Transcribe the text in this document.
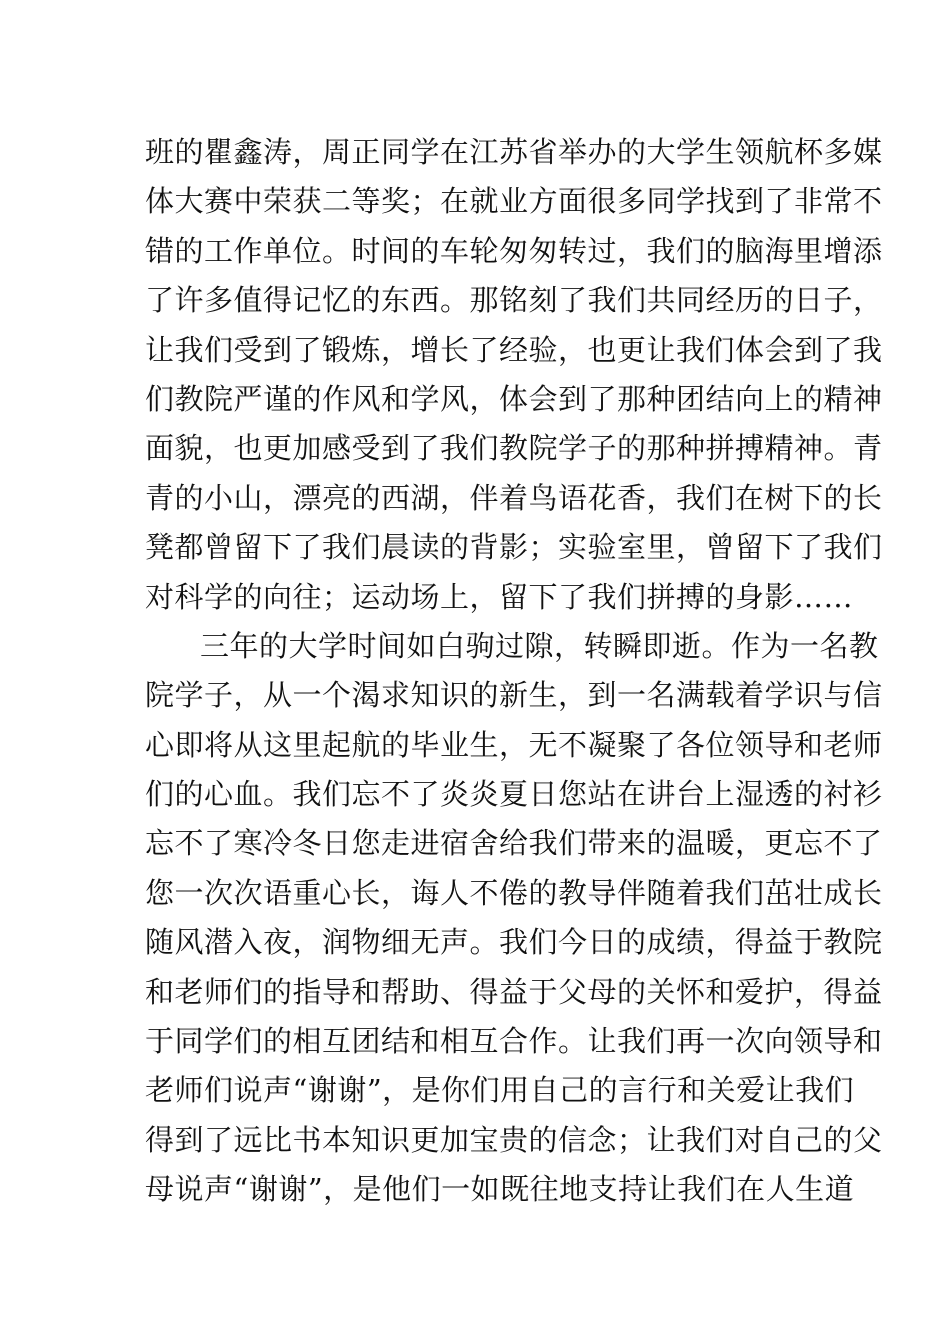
班的瞿鑫涛，周正同学在江苏省举办的大学生领航杯多媒
体大赛中荣获二等奖；在就业方面很多同学找到了非常不
错的工作单位。时间的车轮匆匆转过，我们的脑海里增添
了许多值得记忆的东西。那铭刻了我们共同经历的日子，
让我们受到了锻炼，增长了经验，也更让我们体会到了我
们教院严谨的作风和学风，体会到了那种团结向上的精神
面貌，也更加感受到了我们教院学子的那种拼搏精神。青
青的小山，漂亮的西湖，伴着鸟语花香，我们在树下的长
凳都曾留下了我们晨读的背影；实验室里，曾留下了我们
对科学的向往；运动场上，留下了我们拼搏的身影……
三年的大学时间如白驹过隙，转瞬即逝。作为一名教
院学子，从一个渴求知识的新生，到一名满载着学识与信
心即将从这里起航的毕业生，无不凝聚了各位领导和老师
们的心血。我们忘不了炎炎夏日您站在讲台上湿透的衬衫
忘不了寒冷冬日您走进宿舍给我们带来的温暖，更忘不了
您一次次语重心长，诲人不倦的教导伴随着我们茁壮成长
随风潜入夜，润物细无声。我们今日的成绩，得益于教院
和老师们的指导和帮助、得益于父母的关怀和爱护，得益
于同学们的相互团结和相互合作。让我们再一次向领导和
老师们说声“谢谢”，是你们用自己的言行和关爱让我们
得到了远比书本知识更加宝贵的信念；让我们对自己的父
母说声“谢谢”，是他们一如既往地支持让我们在人生道
